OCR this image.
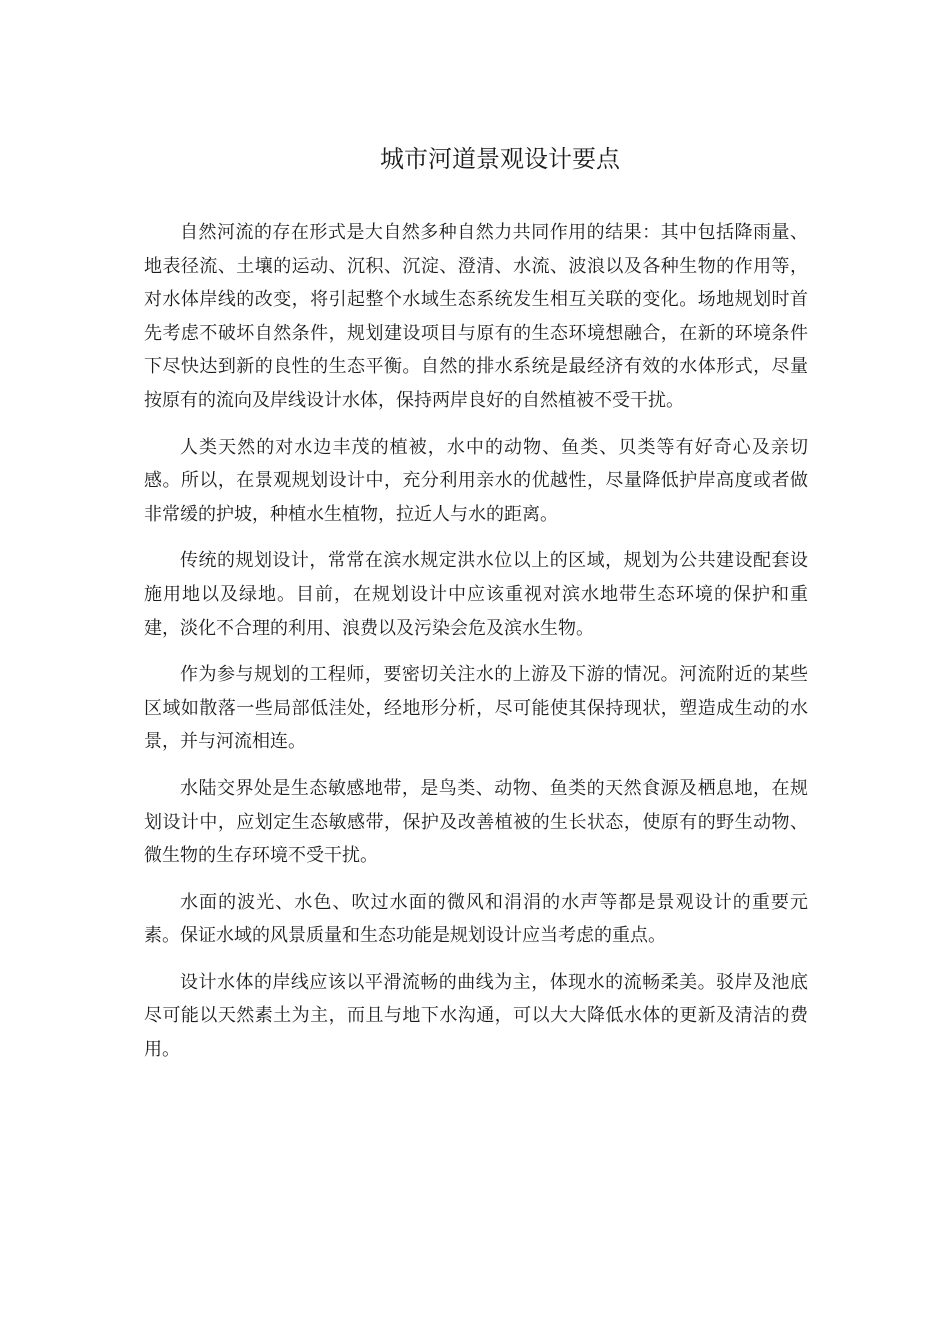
城市河道景观设计要点

自然河流的存在形式是大自然多种自然力共同作用的结果：其中包括降雨量、地表径流、土壤的运动、沉积、沉淀、澄清、水流、波浪以及各种生物的作用等，对水体岸线的改变，将引起整个水域生态系统发生相互关联的变化。场地规划时首先考虑不破坏自然条件，规划建设项目与原有的生态环境想融合，在新的环境条件下尽快达到新的良性的生态平衡。自然的排水系统是最经济有效的水体形式，尽量按原有的流向及岸线设计水体，保持两岸良好的自然植被不受干扰。

人类天然的对水边丰茂的植被，水中的动物、鱼类、贝类等有好奇心及亲切感。所以，在景观规划设计中，充分利用亲水的优越性，尽量降低护岸高度或者做非常缓的护坡，种植水生植物，拉近人与水的距离。

传统的规划设计，常常在滨水规定洪水位以上的区域，规划为公共建设配套设施用地以及绿地。目前，在规划设计中应该重视对滨水地带生态环境的保护和重建，淡化不合理的利用、浪费以及污染会危及滨水生物。

作为参与规划的工程师，要密切关注水的上游及下游的情况。河流附近的某些区域如散落一些局部低洼处，经地形分析，尽可能使其保持现状，塑造成生动的水景，并与河流相连。

水陆交界处是生态敏感地带，是鸟类、动物、鱼类的天然食源及栖息地，在规划设计中，应划定生态敏感带，保护及改善植被的生长状态，使原有的野生动物、微生物的生存环境不受干扰。

水面的波光、水色、吹过水面的微风和涓涓的水声等都是景观设计的重要元素。保证水域的风景质量和生态功能是规划设计应当考虑的重点。

设计水体的岸线应该以平滑流畅的曲线为主，体现水的流畅柔美。驳岸及池底尽可能以天然素土为主，而且与地下水沟通，可以大大降低水体的更新及清洁的费用。
